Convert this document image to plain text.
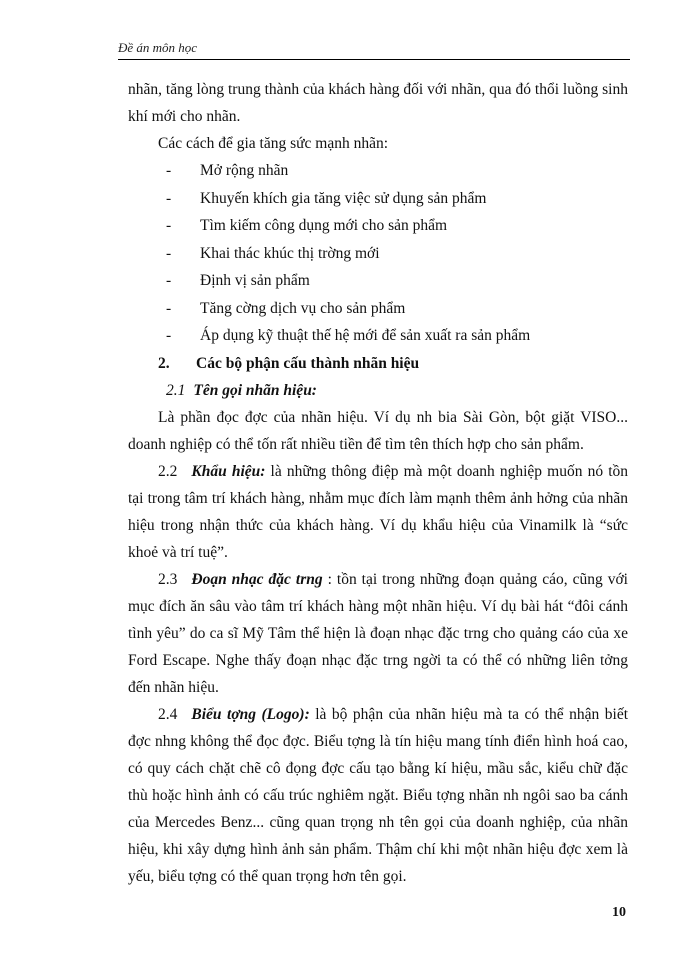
Đề án môn học

nhãn, tăng lòng trung thành của khách hàng đối với nhãn, qua đó thổi luồng sinh khí mới cho nhãn.

Các cách để gia tăng sức mạnh nhãn:

- Mở rộng nhãn
- Khuyến khích gia tăng việc sử dụng sản phẩm
- Tìm kiếm công dụng mới cho sản phẩm
- Khai thác khúc thị trờng mới
- Định vị sản phẩm
- Tăng cờng dịch vụ cho sản phẩm
- Áp dụng kỹ thuật thế hệ mới để sản xuất ra sản phẩm

2. Các bộ phận cấu thành nhãn hiệu

2.1 Tên gọi nhãn hiệu:

Là phần đọc đợc của nhãn hiệu. Ví dụ nh bia Sài Gòn, bột giặt VISO... doanh nghiệp có thể tốn rất nhiều tiền để tìm tên thích hợp cho sản phẩm.

2.2 Khẩu hiệu: là những thông điệp mà một doanh nghiệp muốn nó tồn tại trong tâm trí khách hàng, nhằm mục đích làm mạnh thêm ảnh hởng của nhãn hiệu trong nhận thức của khách hàng. Ví dụ khẩu hiệu của Vinamilk là “sức khoẻ và trí tuệ”.

2.3 Đoạn nhạc đặc trng : tồn tại trong những đoạn quảng cáo, cũng với mục đích ăn sâu vào tâm trí khách hàng một nhãn hiệu. Ví dụ bài hát “đôi cánh tình yêu” do ca sĩ Mỹ Tâm thể hiện là đoạn nhạc đặc trng cho quảng cáo của xe Ford Escape. Nghe thấy đoạn nhạc đặc trng ngời ta có thể có những liên tởng đến nhãn hiệu.

2.4 Biểu tợng (Logo): là bộ phận của nhãn hiệu mà ta có thể nhận biết đợc nhng không thể đọc đợc. Biểu tợng là tín hiệu mang tính điển hình hoá cao, có quy cách chặt chẽ cô đọng đợc cấu tạo bằng kí hiệu, mầu sắc, kiểu chữ đặc thù hoặc hình ảnh có cấu trúc nghiêm ngặt. Biểu tợng nhãn nh ngôi sao ba cánh của Mercedes Benz... cũng quan trọng nh tên gọi của doanh nghiệp, của nhãn hiệu, khi xây dựng hình ảnh sản phẩm. Thậm chí khi một nhãn hiệu đợc xem là yếu, biểu tợng có thể quan trọng hơn tên gọi.

10
